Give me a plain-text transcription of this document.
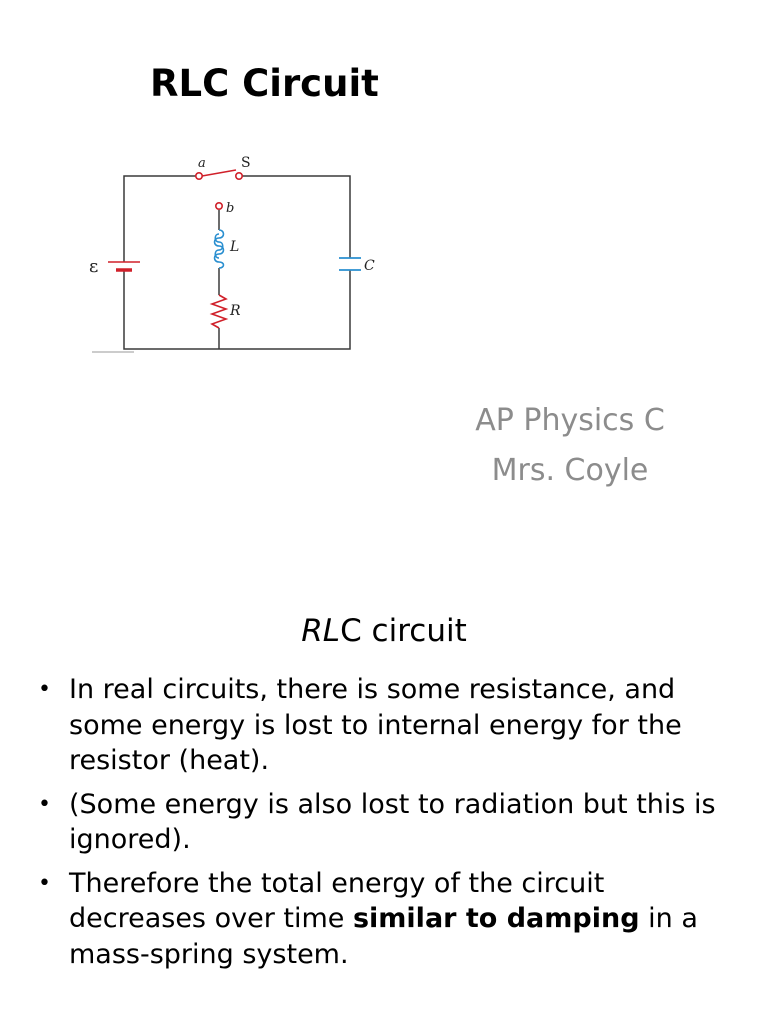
RLC Circuit
a	S
b
L
R
C
ε
AP Physics C
Mrs. Coyle
RLC circuit
• In real circuits, there is some resistance, and some energy is lost to internal energy for the resistor (heat).
• (Some energy is also lost to radiation but this is ignored).
• Therefore the total energy of the circuit decreases over time similar to damping in a mass-spring system.
